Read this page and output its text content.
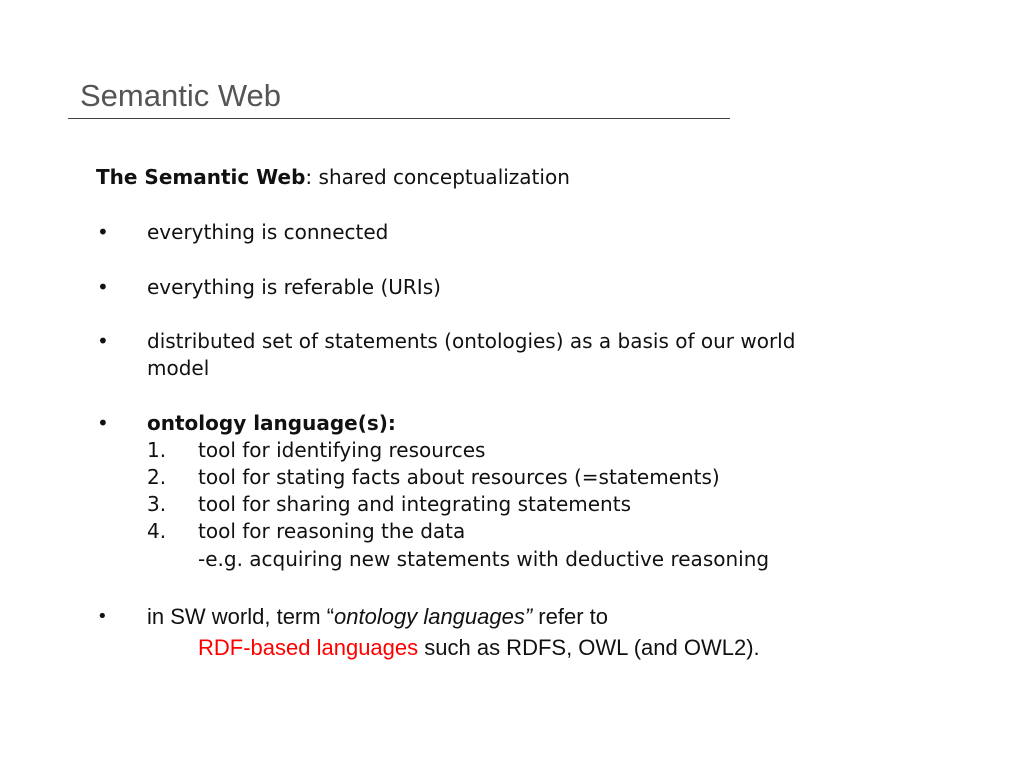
Semantic Web
The Semantic Web: shared conceptualization
• everything is connected
• everything is referable (URIs)
• distributed set of statements (ontologies) as a basis of our world
model
• ontology language(s):
1. tool for identifying resources
2. tool for stating facts about resources (=statements)
3. tool for sharing and integrating statements
4. tool for reasoning the data
-e.g. acquiring new statements with deductive reasoning
• in SW world, term “ontology languages” refer to
RDF-based languages such as RDFS, OWL (and OWL2).
